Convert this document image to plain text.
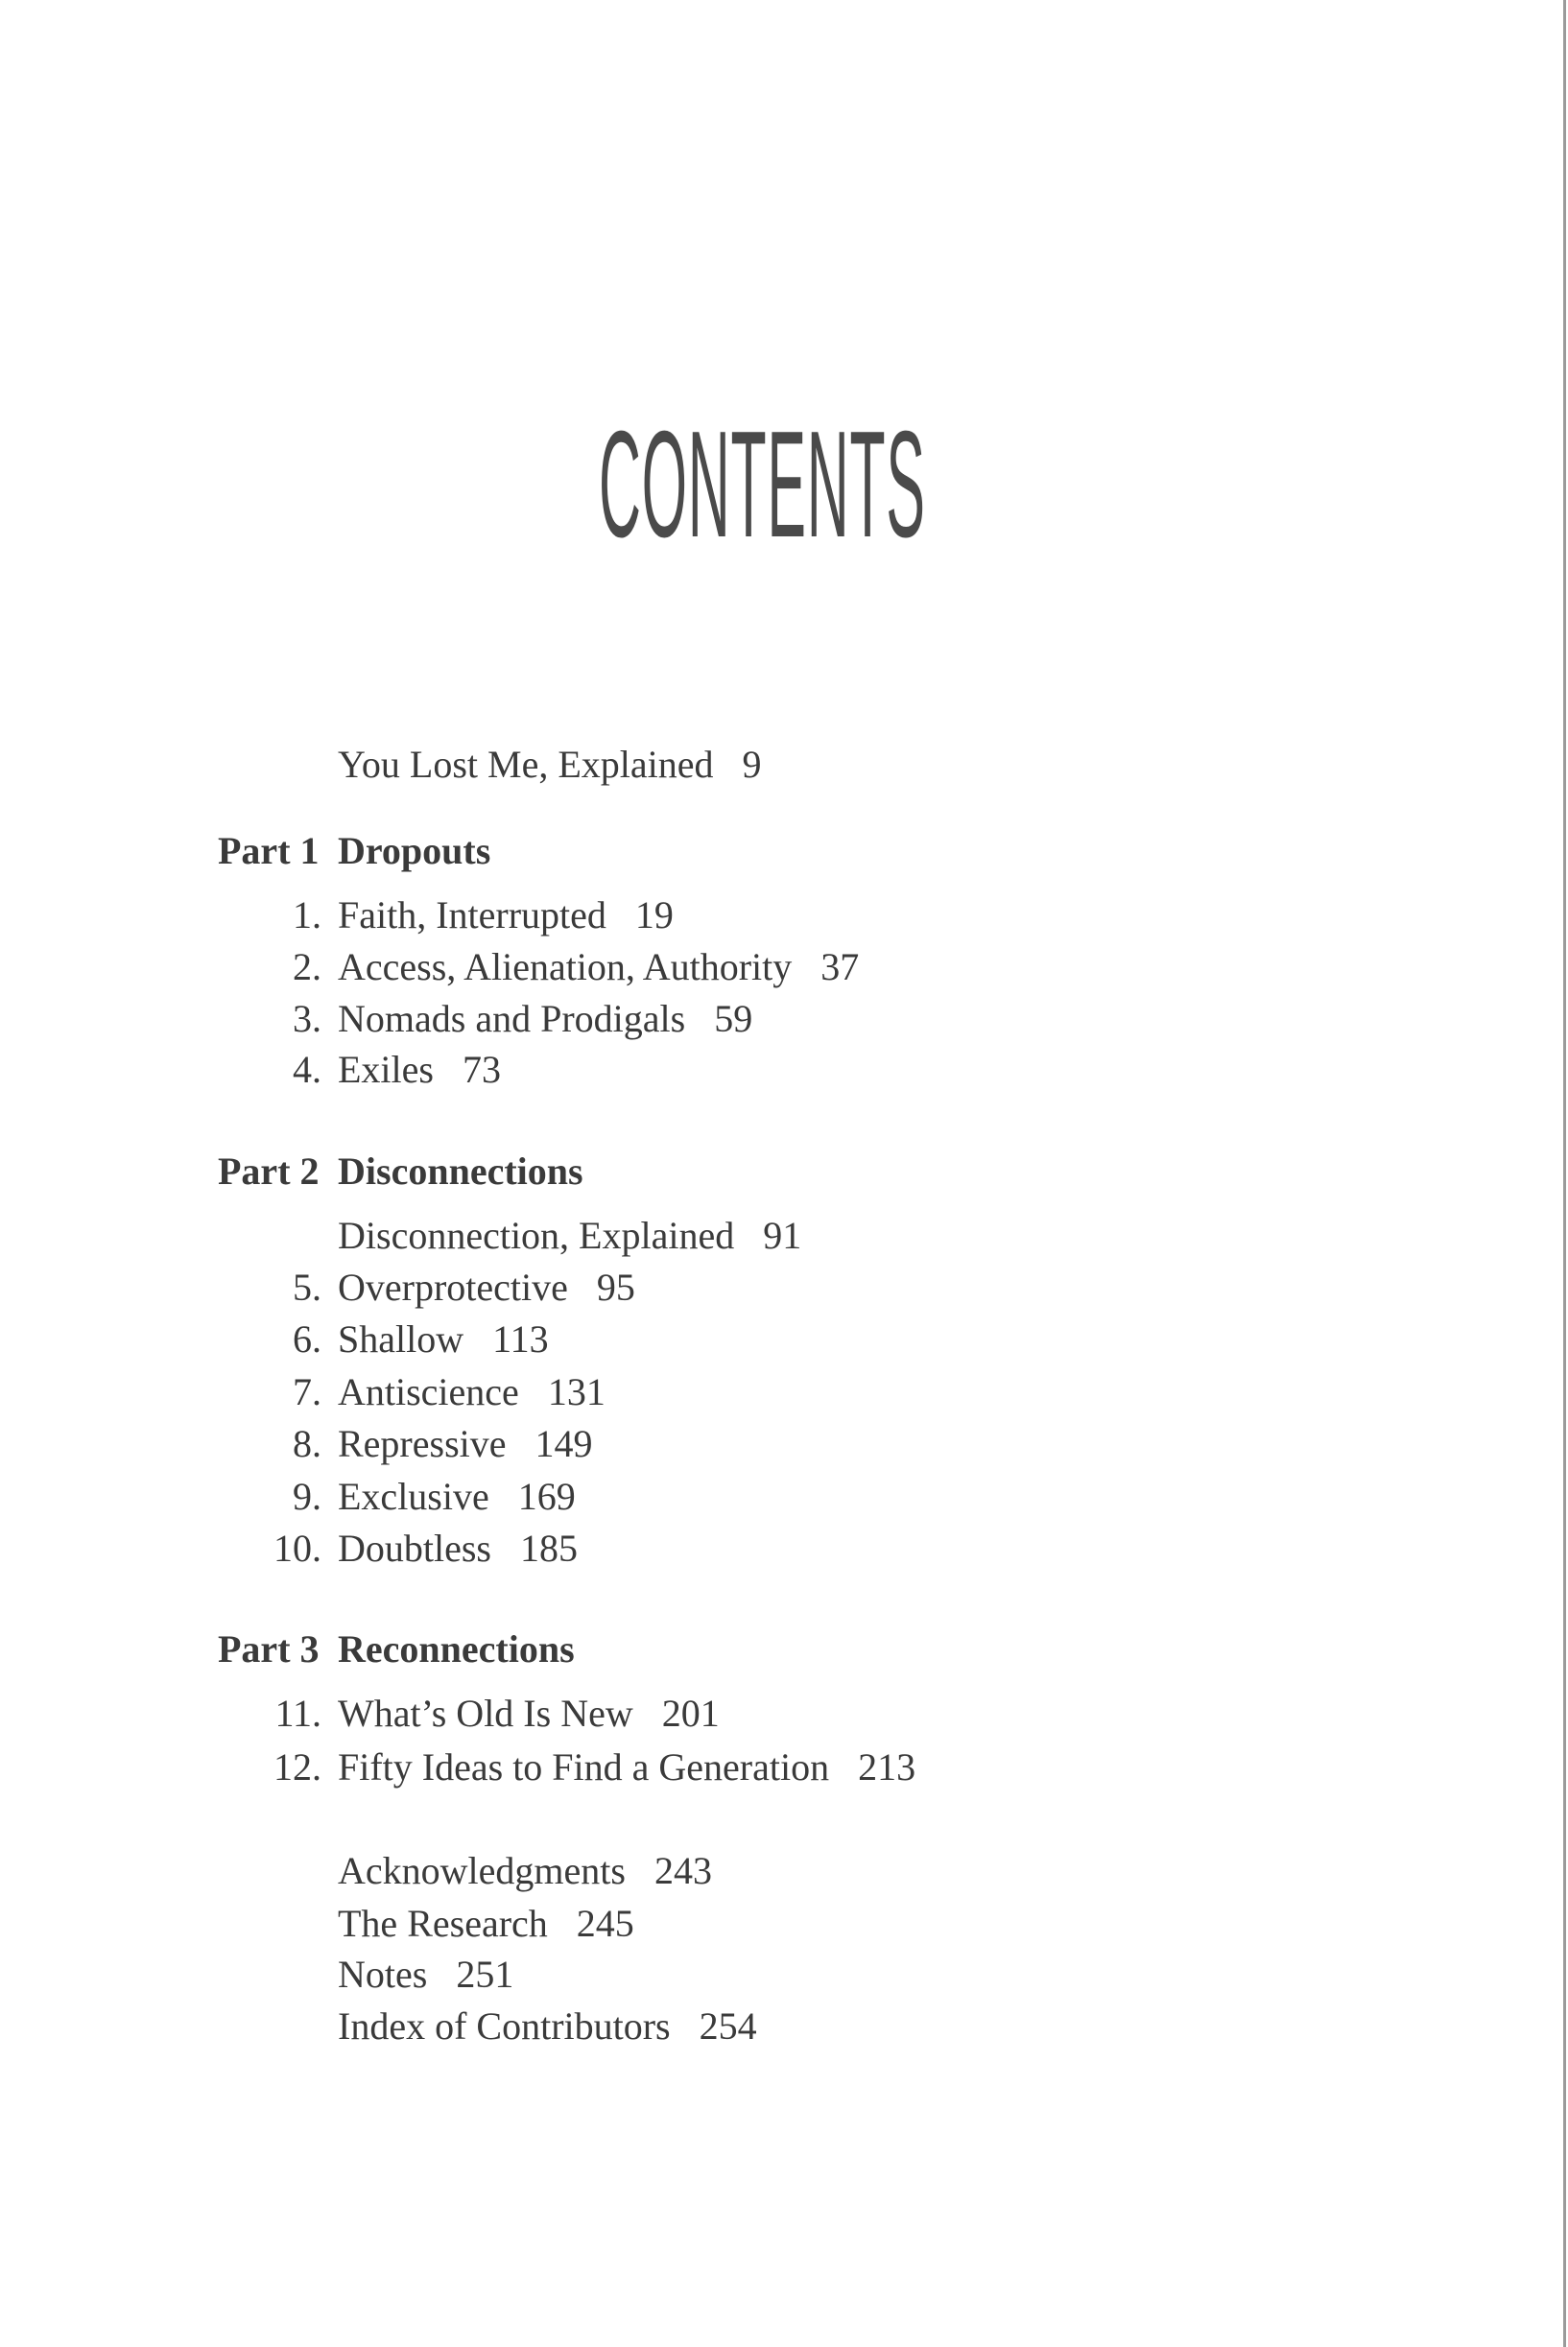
CONTENTS
You Lost Me, Explained 9
Part 1 Dropouts
1. Faith, Interrupted 19
2. Access, Alienation, Authority 37
3. Nomads and Prodigals 59
4. Exiles 73
Part 2 Disconnections
Disconnection, Explained 91
5. Overprotective 95
6. Shallow 113
7. Antiscience 131
8. Repressive 149
9. Exclusive 169
10. Doubtless 185
Part 3 Reconnections
11. What’s Old Is New 201
12. Fifty Ideas to Find a Generation 213
Acknowledgments 243
The Research 245
Notes 251
Index of Contributors 254
